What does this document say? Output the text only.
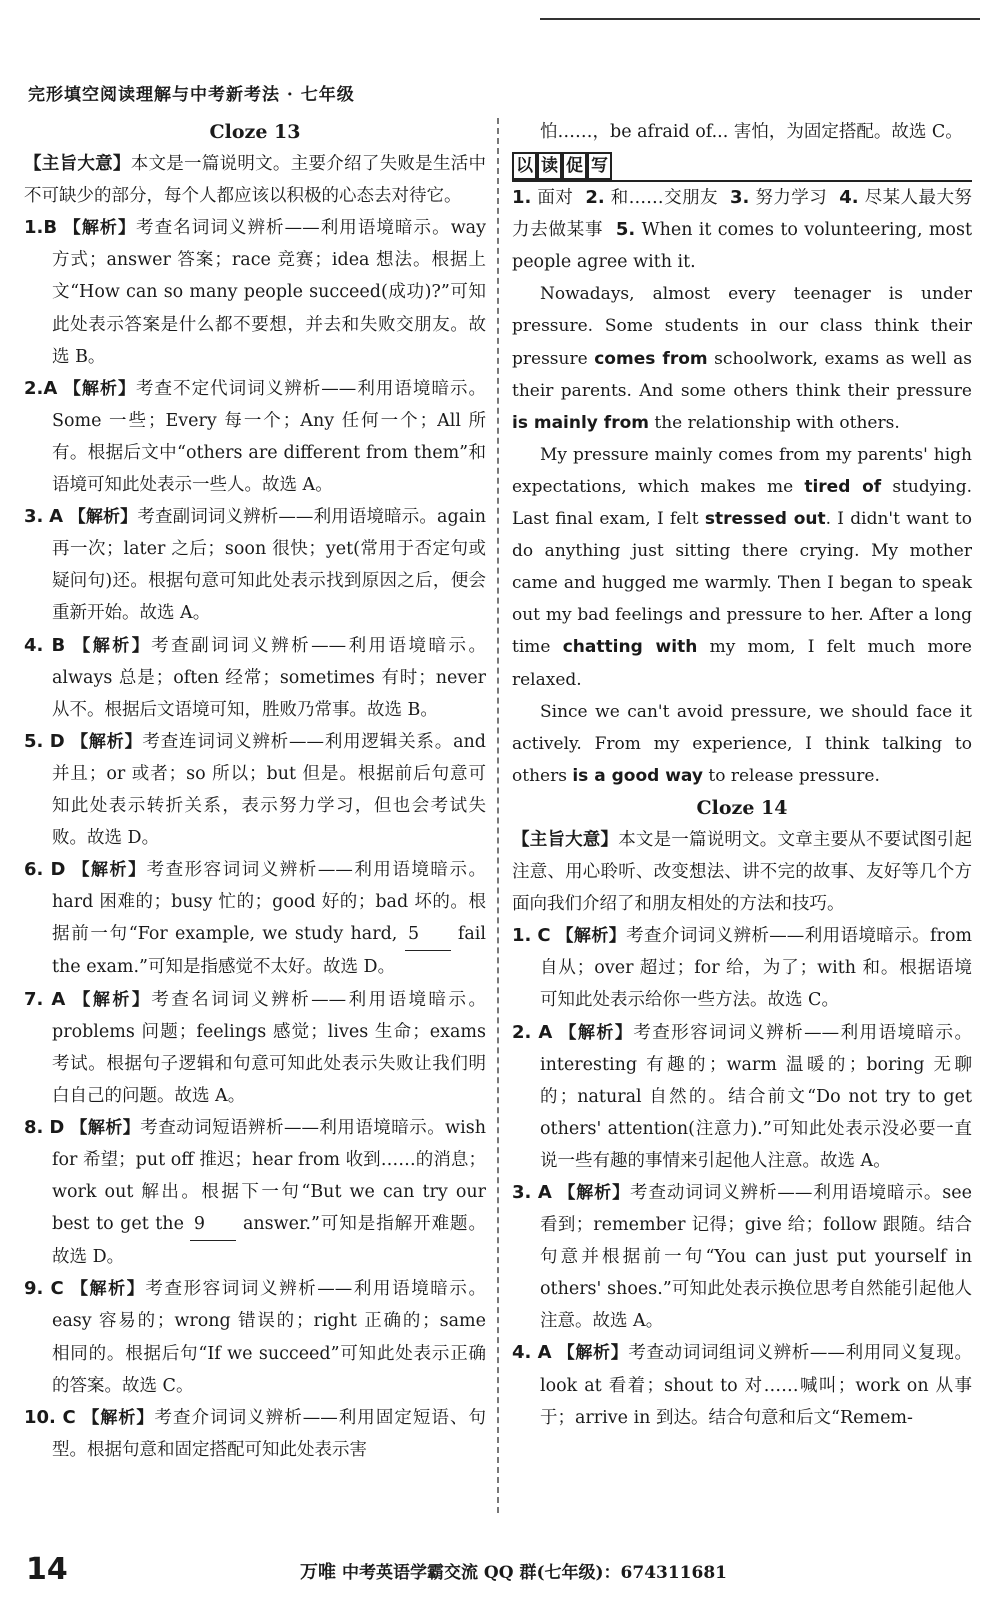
完形填空阅读理解与中考新考法 · 七年级

Cloze 13

【主旨大意】本文是一篇说明文。主要介绍了失败是生活中不可缺少的部分，每个人都应该以积极的心态去对待它。

1.B 【解析】考查名词词义辨析——利用语境暗示。way 方式；answer 答案；race 竞赛；idea 想法。根据上文“How can so many people succeed(成功)?”可知此处表示答案是什么都不要想，并去和失败交朋友。故选 B。

2.A 【解析】考查不定代词词义辨析——利用语境暗示。Some 一些；Every 每一个；Any 任何一个；All 所有。根据后文中“others are different from them”和语境可知此处表示一些人。故选 A。

3. A 【解析】考查副词词义辨析——利用语境暗示。again 再一次；later 之后；soon 很快；yet(常用于否定句或疑问句)还。根据句意可知此处表示找到原因之后，便会重新开始。故选 A。

4. B 【解析】考查副词词义辨析——利用语境暗示。always 总是；often 经常；sometimes 有时；never 从不。根据后文语境可知，胜败乃常事。故选 B。

5. D 【解析】考查连词词义辨析——利用逻辑关系。and 并且；or 或者；so 所以；but 但是。根据前后句意可知此处表示转折关系，表示努力学习，但也会考试失败。故选 D。

6. D 【解析】考查形容词词义辨析——利用语境暗示。hard 困难的；busy 忙的；good 好的；bad 坏的。根据前一句“For example, we study hard, 5 fail the exam.”可知是指感觉不太好。故选 D。

7. A 【解析】考查名词词义辨析——利用语境暗示。problems 问题；feelings 感觉；lives 生命；exams 考试。根据句子逻辑和句意可知此处表示失败让我们明白自己的问题。故选 A。

8. D 【解析】考查动词短语辨析——利用语境暗示。wish for 希望；put off 推迟；hear from 收到……的消息；work out 解出。根据下一句“But we can try our best to get the 9 answer.”可知是指解开难题。故选 D。

9. C 【解析】考查形容词词义辨析——利用语境暗示。easy 容易的；wrong 错误的；right 正确的；same 相同的。根据后句“If we succeed”可知此处表示正确的答案。故选 C。

10. C 【解析】考查介词词义辨析——利用固定短语、句型。根据句意和固定搭配可知此处表示害

怕……，be afraid of... 害怕，为固定搭配。故选 C。

以 读 促 写

1. 面对 2. 和……交朋友 3. 努力学习 4. 尽某人最大努力去做某事 5. When it comes to volunteering, most people agree with it.

Nowadays, almost every teenager is under pressure. Some students in our class think their pressure comes from schoolwork, exams as well as their parents. And some others think their pressure is mainly from the relationship with others.

My pressure mainly comes from my parents' high expectations, which makes me tired of studying. Last final exam, I felt stressed out. I didn't want to do anything just sitting there crying. My mother came and hugged me warmly. Then I began to speak out my bad feelings and pressure to her. After a long time chatting with my mom, I felt much more relaxed.

Since we can't avoid pressure, we should face it actively. From my experience, I think talking to others is a good way to release pressure.

Cloze 14

【主旨大意】本文是一篇说明文。文章主要从不要试图引起注意、用心聆听、改变想法、讲不完的故事、友好等几个方面向我们介绍了和朋友相处的方法和技巧。

1. C 【解析】考查介词词义辨析——利用语境暗示。from 自从；over 超过；for 给，为了；with 和。根据语境可知此处表示给你一些方法。故选 C。

2. A 【解析】考查形容词词义辨析——利用语境暗示。interesting 有趣的；warm 温暖的；boring 无聊的；natural 自然的。结合前文“Do not try to get others' attention(注意力).”可知此处表示没必要一直说一些有趣的事情来引起他人注意。故选 A。

3. A 【解析】考查动词词义辨析——利用语境暗示。see 看到；remember 记得；give 给；follow 跟随。结合句意并根据前一句“You can just put yourself in others' shoes.”可知此处表示换位思考自然能引起他人注意。故选 A。

4. A 【解析】考查动词词组词义辨析——利用同义复现。look at 看着；shout to 对……喊叫；work on 从事于；arrive in 到达。结合句意和后文“Remem-

14	万唯 中考英语学霸交流 QQ 群(七年级)：674311681
